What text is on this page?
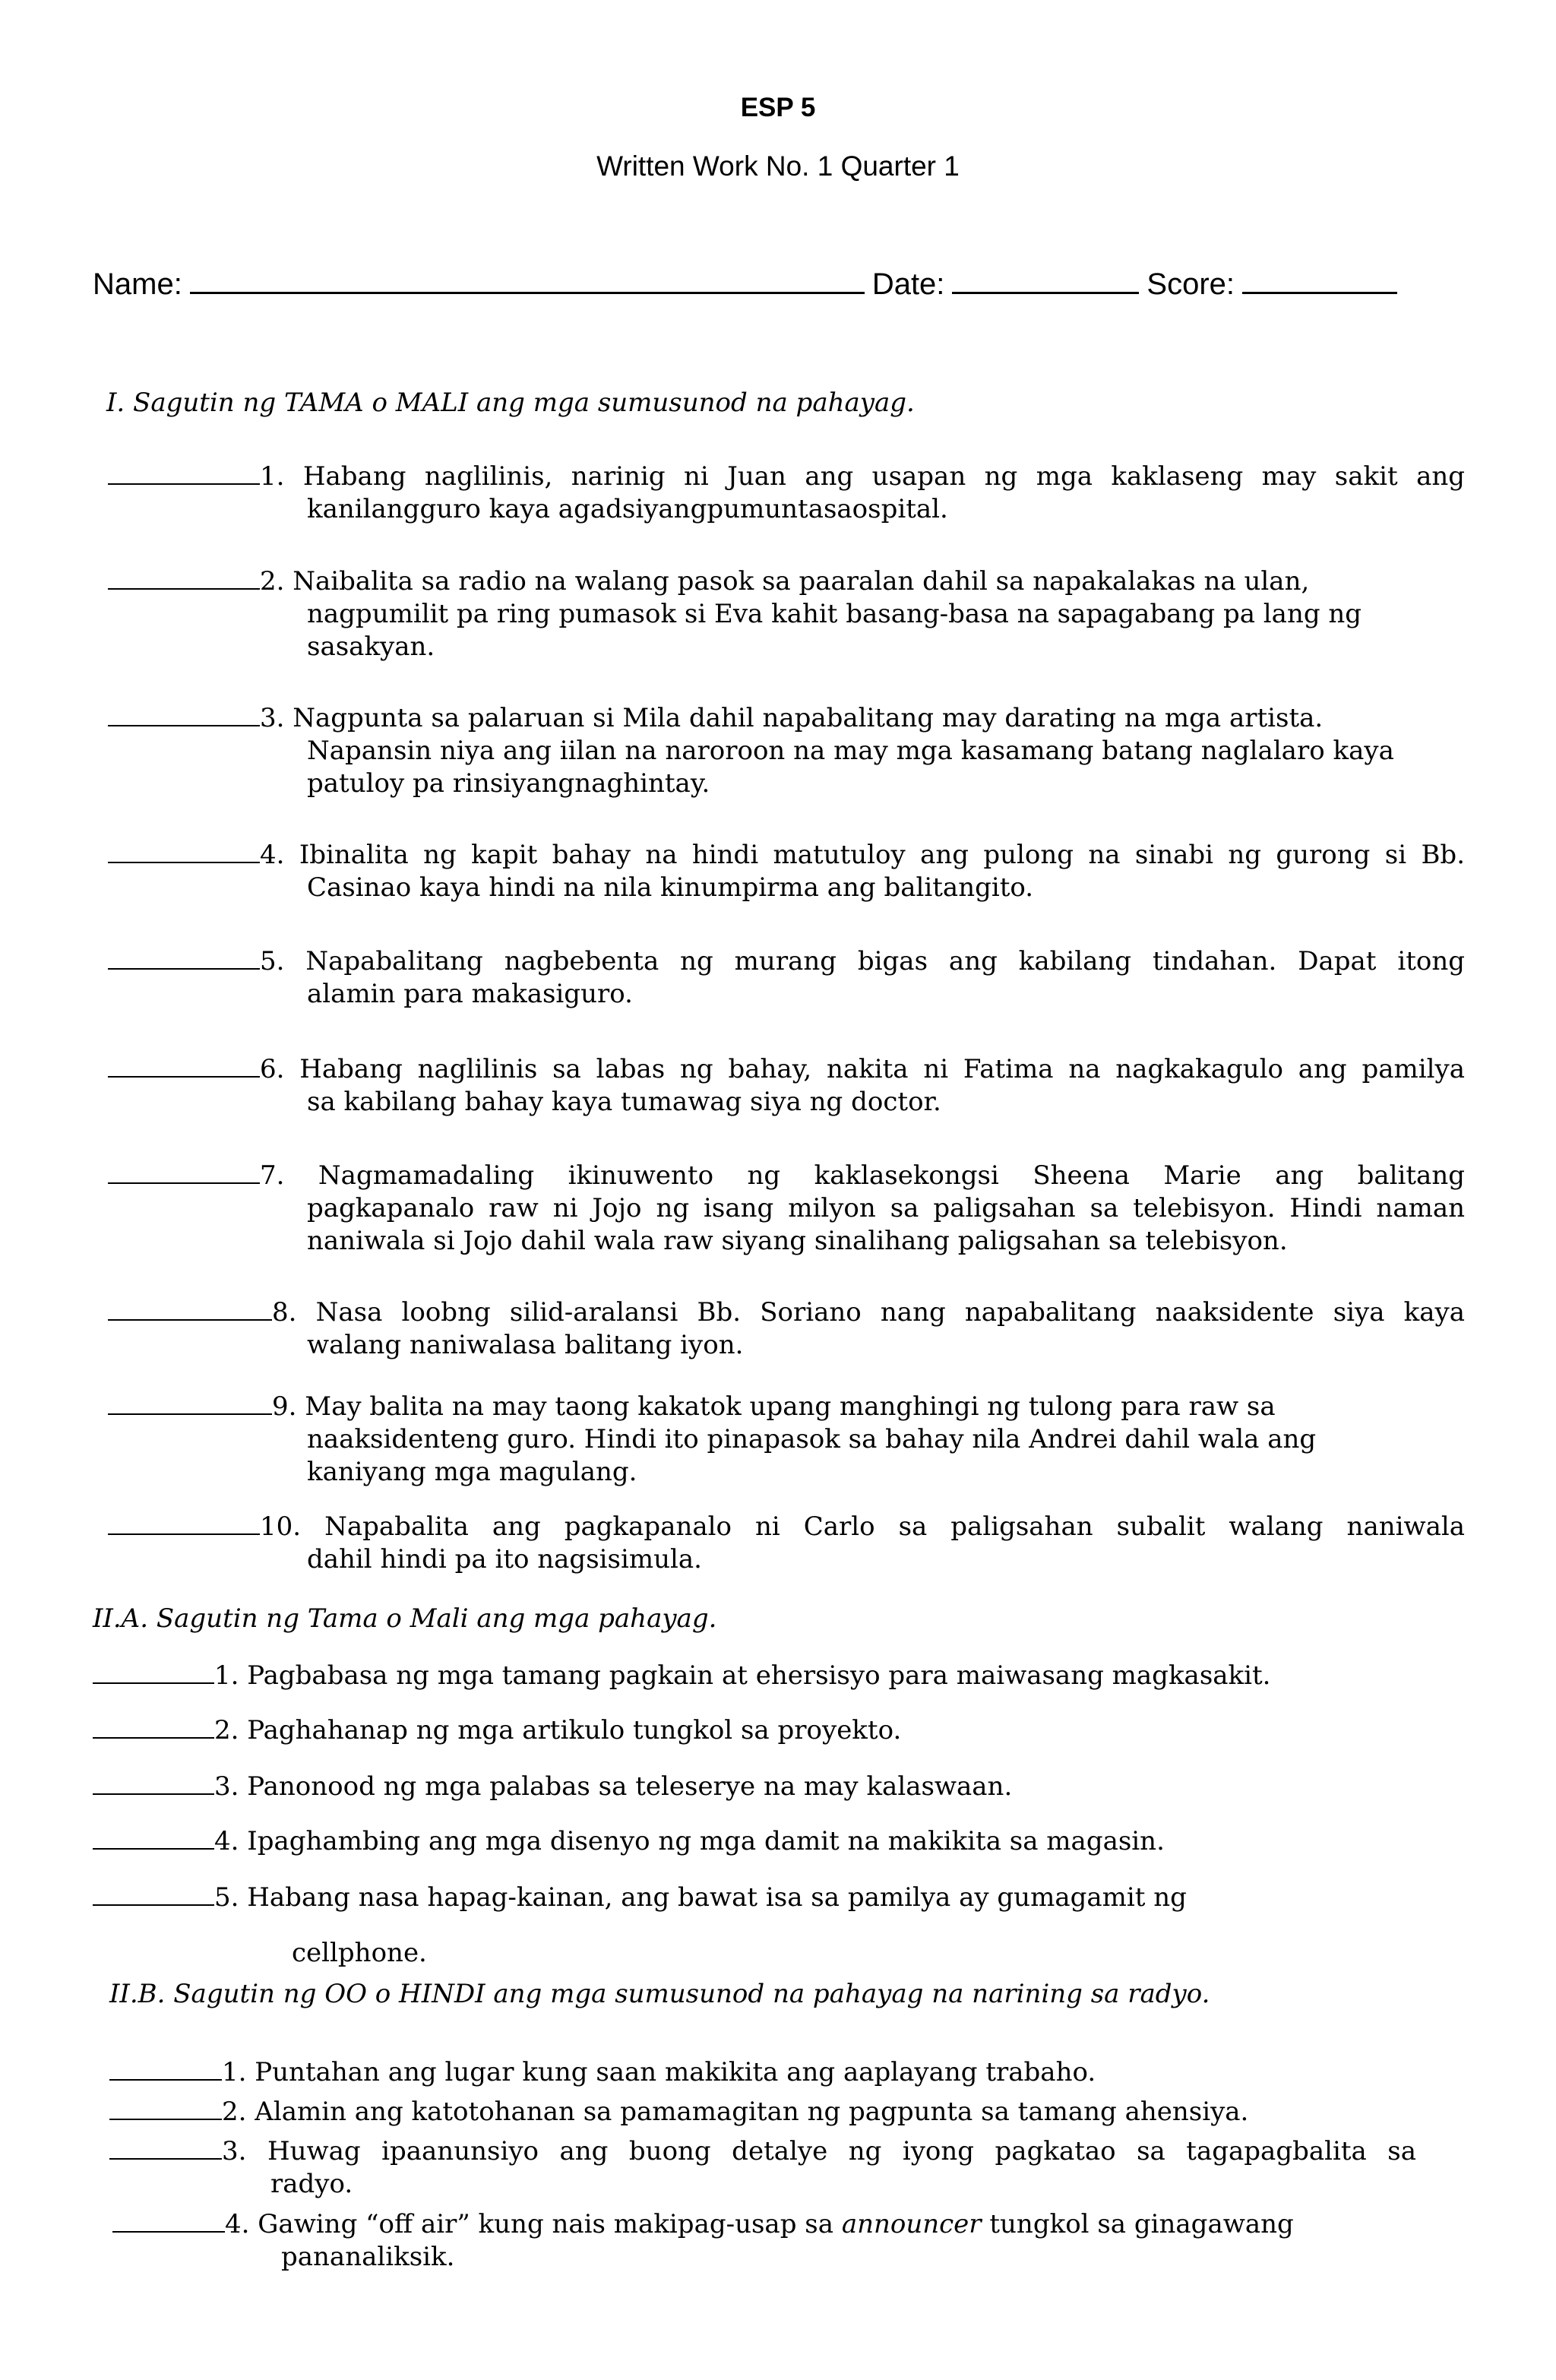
ESP 5
Written Work No. 1 Quarter 1
Name:	Date:	Score:
I. Sagutin ng TAMA o MALI ang mga sumusunod na pahayag.
1. Habang naglilinis, narinig ni Juan ang usapan ng mga kaklaseng may sakit ang
kanilangguro kaya agadsiyangpumuntasaospital.
2. Naibalita sa radio na walang pasok sa paaralan dahil sa napakalakas na ulan,
nagpumilit pa ring pumasok si Eva kahit basang-basa na sapagabang pa lang ng
sasakyan.
3. Nagpunta sa palaruan si Mila dahil napabalitang may darating na mga artista.
Napansin niya ang iilan na naroroon na may mga kasamang batang naglalaro kaya
patuloy pa rinsiyangnaghintay.
4. Ibinalita ng kapit bahay na hindi matutuloy ang pulong na sinabi ng gurong si Bb.
Casinao kaya hindi na nila kinumpirma ang balitangito.
5. Napabalitang nagbebenta ng murang bigas ang kabilang tindahan. Dapat itong
alamin para makasiguro.
6. Habang naglilinis sa labas ng bahay, nakita ni Fatima na nagkakagulo ang pamilya
sa kabilang bahay kaya tumawag siya ng doctor.
7. Nagmamadaling ikinuwento ng kaklasekongsi Sheena Marie ang balitang
pagkapanalo raw ni Jojo ng isang milyon sa paligsahan sa telebisyon. Hindi naman
naniwala si Jojo dahil wala raw siyang sinalihang paligsahan sa telebisyon.
8. Nasa loobng silid-aralansi Bb. Soriano nang napabalitang naaksidente siya kaya
walang naniwalasa balitang iyon.
9. May balita na may taong kakatok upang manghingi ng tulong para raw sa
naaksidenteng guro. Hindi ito pinapasok sa bahay nila Andrei dahil wala ang
kaniyang mga magulang.
10. Napabalita ang pagkapanalo ni Carlo sa paligsahan subalit walang naniwala
dahil hindi pa ito nagsisimula.
II.A. Sagutin ng Tama o Mali ang mga pahayag.
1. Pagbabasa ng mga tamang pagkain at ehersisyo para maiwasang magkasakit.
2. Paghahanap ng mga artikulo tungkol sa proyekto.
3. Panonood ng mga palabas sa teleserye na may kalaswaan.
4. Ipaghambing ang mga disenyo ng mga damit na makikita sa magasin.
5. Habang nasa hapag-kainan, ang bawat isa sa pamilya ay gumagamit ng
cellphone.
II.B. Sagutin ng OO o HINDI ang mga sumusunod na pahayag na narining sa radyo.
1. Puntahan ang lugar kung saan makikita ang aaplayang trabaho.
2. Alamin ang katotohanan sa pamamagitan ng pagpunta sa tamang ahensiya.
3. Huwag ipaanunsiyo ang buong detalye ng iyong pagkatao sa tagapagbalita sa
radyo.
4. Gawing “off air” kung nais makipag-usap sa announcer tungkol sa ginagawang
pananaliksik.
